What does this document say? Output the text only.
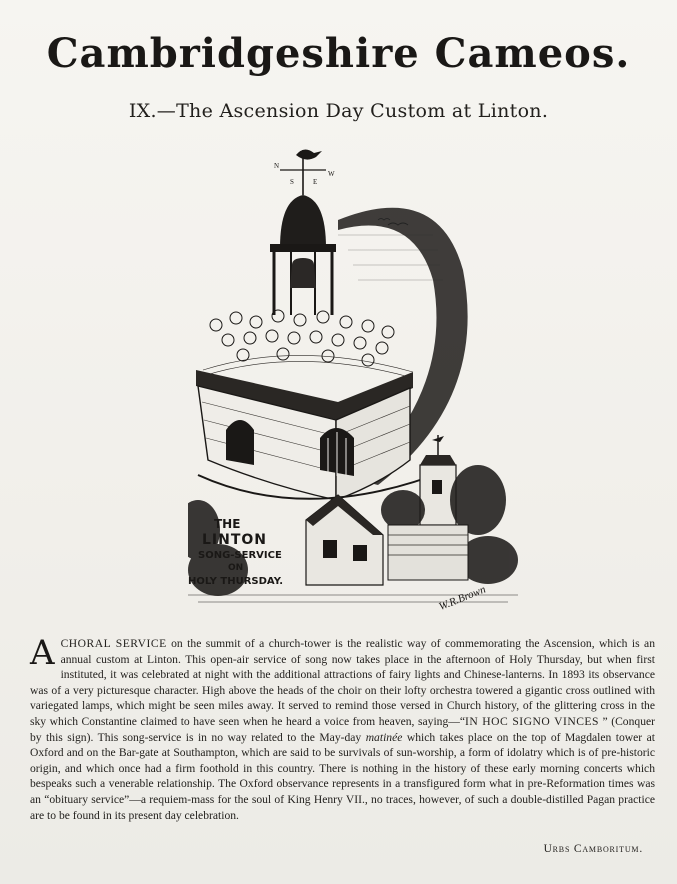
Cambridgeshire Cameos.
IX.—The Ascension Day Custom at Linton.
N
W
S	E
THE
LINTON
SONG-SERVICE
ON
HOLY THURSDAY.
W.R.Brown
ACHORAL SERVICE on the summit of a church-tower is the realistic way of commemorating the Ascension, which is an annual custom at Linton. This open-air service of song now takes place in the afternoon of Holy Thursday, but when first instituted, it was celebrated at night with the additional attractions of fairy lights and Chinese-lanterns. In 1893 its observance was of a very picturesque character. High above the heads of the choir on their lofty orchestra towered a gigantic cross outlined with variegated lamps, which might be seen miles away. It served to remind those versed in Church history, of the glittering cross in the sky which Constantine claimed to have seen when he heard a voice from heaven, saying—“IN HOC SIGNO VINCES ” (Conquer by this sign). This song-service is in no way related to the May-day matinée which takes place on the top of Magdalen tower at Oxford and on the Bar-gate at Southampton, which are said to be survivals of sun-worship, a form of idolatry which is of pre-historic origin, and which once had a firm foothold in this country. There is nothing in the history of these early morning concerts which bespeaks such a venerable relationship. The Oxford observance represents in a transfigured form what in pre-Reformation times was an “obituary service”—a requiem-mass for the soul of King Henry VII., no traces, however, of such a double-distilled Pagan practice are to be found in its present day celebration.
Urbs Camboritum.
